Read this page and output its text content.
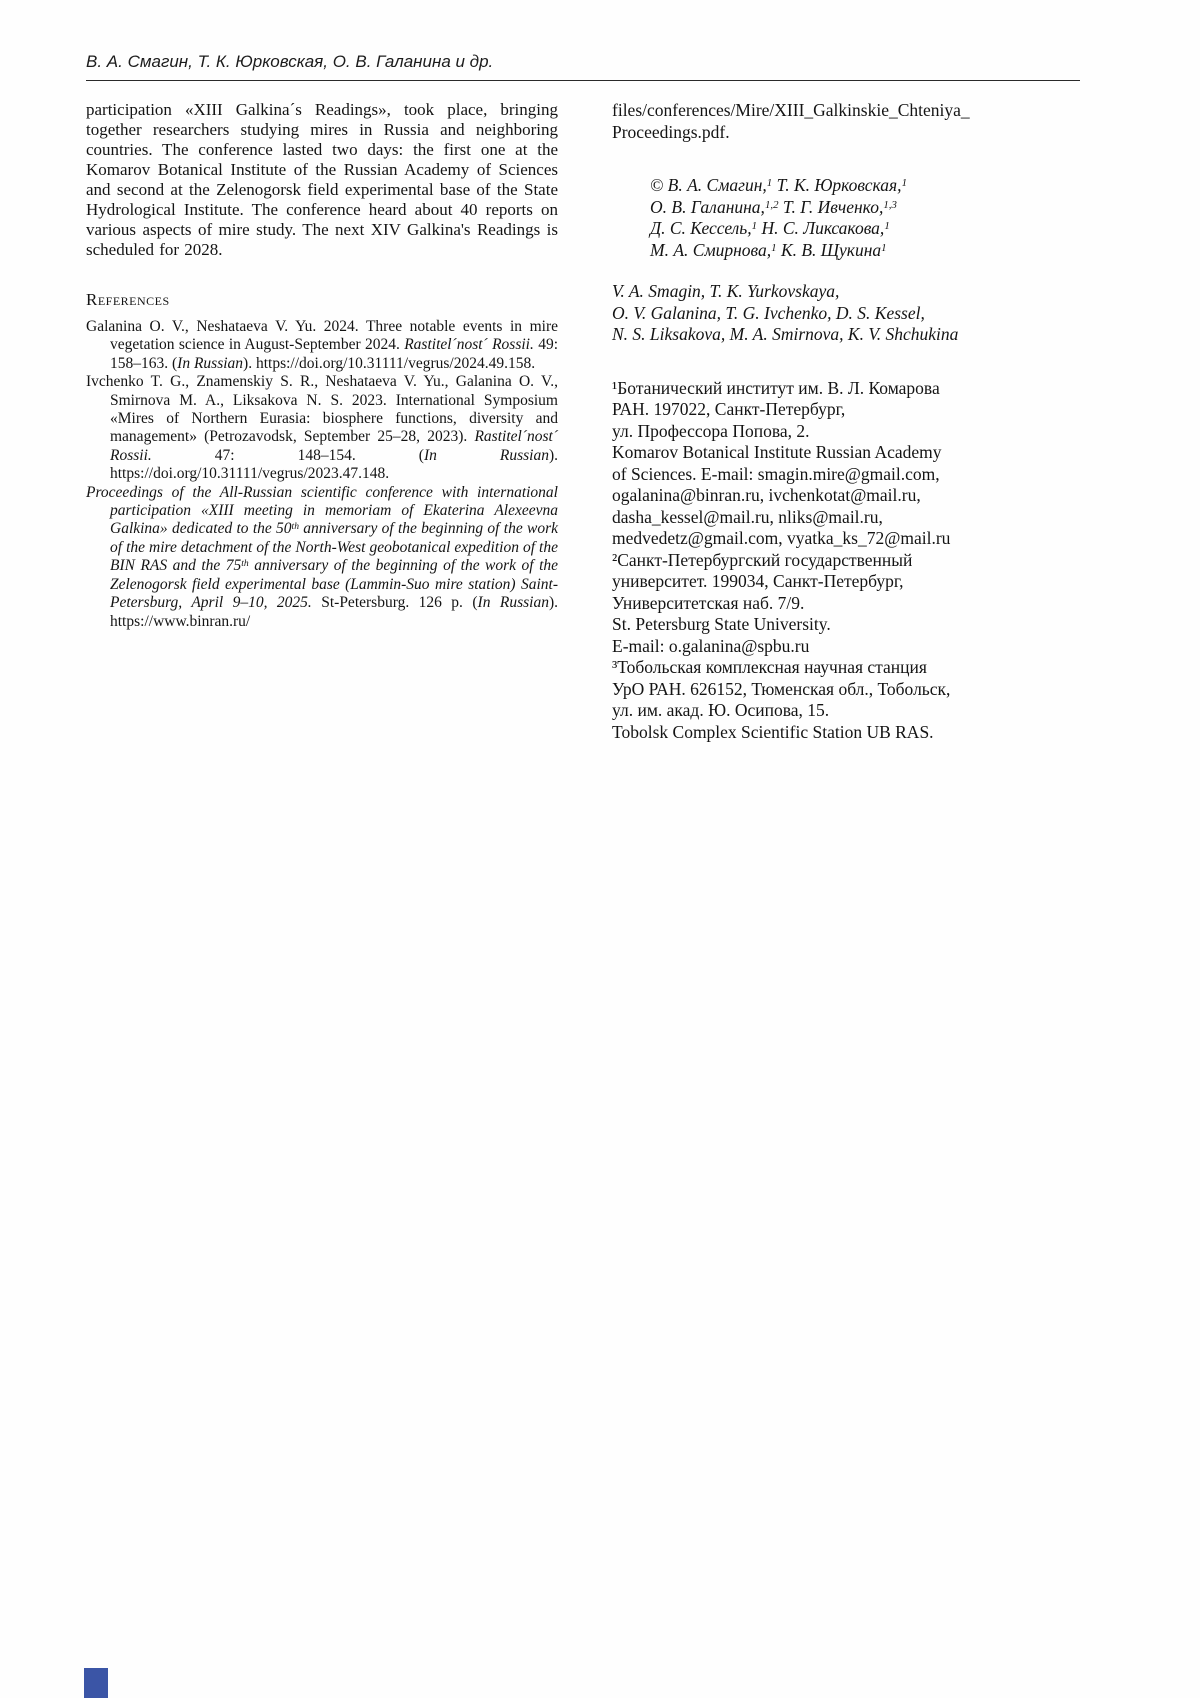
В. А. Смагин, Т. К. Юрковская, О. В. Галанина и др.

participation «XIII Galkina´s Readings», took place, bringing together researchers studying mires in Russia and neighboring countries. The conference lasted two days: the first one at the Komarov Botanical Institute of the Russian Academy of Sciences and second at the Zelenogorsk field experimental base of the State Hydrological Institute. The conference heard about 40 reports on various aspects of mire study. The next XIV Galkina's Readings is scheduled for 2028.

References
Galanina O. V., Neshataeva V. Yu. 2024. Three notable events in mire vegetation science in August-September 2024. Rastitel´nost´ Rossii. 49: 158–163. (In Russian). https://doi.org/10.31111/vegrus/2024.49.158.
Ivchenko T. G., Znamenskiy S. R., Neshataeva V. Yu., Galanina O. V., Smirnova M. A., Liksakova N. S. 2023. International Symposium «Mires of Northern Eurasia: biosphere functions, diversity and management» (Petrozavodsk, September 25–28, 2023). Rastitel´nost´ Rossii. 47: 148–154. (In Russian). https://doi.org/10.31111/vegrus/2023.47.148.
Proceedings of the All-Russian scientific conference with international participation «XIII meeting in memoriam of Ekaterina Alexeevna Galkina» dedicated to the 50th anniversary of the beginning of the work of the mire detachment of the North-West geobotanical expedition of the BIN RAS and the 75th anniversary of the beginning of the work of the Zelenogorsk field experimental base (Lammin-Suo mire station) Saint-Petersburg, April 9–10, 2025. St-Petersburg. 126 p. (In Russian). https://www.binran.ru/
files/conferences/Mire/XIII_Galkinskie_Chteniya_
Proceedings.pdf.
© В. А. Смагин,$^1$ Т. К. Юрковская,$^1$
О. В. Галанина,$^{1,2}$ Т. Г. Ивченко,$^{1,3}$
Д. С. Кессель,$^1$ Н. С. Ликсакова,$^1$
М. А. Смирнова,$^1$ К. В. Щукина$^1$
V. A. Smagin, T. K. Yurkovskaya,
O. V. Galanina, T. G. Ivchenko, D. S. Kessel,
N. S. Liksakova, M. A. Smirnova, K. V. Shchukina
¹Ботанический институт им. В. Л. Комарова
РАН. 197022, Санкт-Петербург,
ул. Профессора Попова, 2.
Komarov Botanical Institute Russian Academy
of Sciences. E-mail: smagin.mire@gmail.com,
ogalanina@binran.ru, ivchenkotat@mail.ru,
dasha_kessel@mail.ru, nliks@mail.ru,
medvedetz@gmail.com, vyatka_ks_72@mail.ru
²Санкт-Петербургский государственный
университет. 199034, Санкт-Петербург,
Университетская наб. 7/9.
St. Petersburg State University.
E-mail: o.galanina@spbu.ru
³Тобольская комплексная научная станция
УрО РАН. 626152, Тюменская обл., Тобольск,
ул. им. акад. Ю. Осипова, 15.
Tobolsk Complex Scientific Station UB RAS.
